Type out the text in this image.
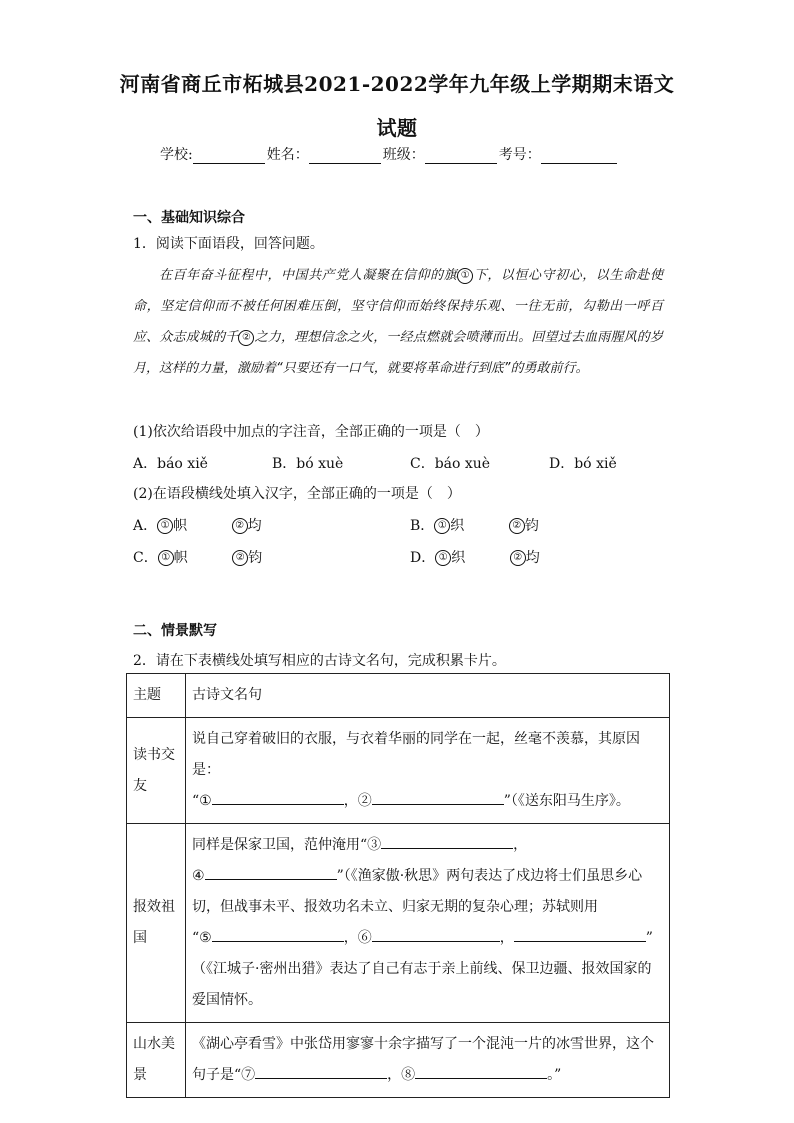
河南省商丘市柘城县2021-2022学年九年级上学期期末语文
试题
学校:	姓名：	班级：	考号：
一、基础知识综合
1．阅读下面语段，回答问题。
在百年奋斗征程中，中国共产党人凝聚在信仰的旗 ① 下，以恒心守初心，以生命赴使命，坚定信仰而不被任何困难压倒，坚守信仰而始终保持乐观、一往无前，勾勒出一呼百应、众志成城的千 ② 之力，理想信念之火，一经点燃就会喷薄而出。回望过去血雨腥风的岁月，这样的力量，激励着“只要还有一口气，就要将革命进行到底”的勇敢前行。
(1)依次给语段中加点的字注音，全部正确的一项是（　）
A．báo xiě	B．bó xuè	C．báo xuè	D．bó xiě
(2)在语段横线处填入汉字，全部正确的一项是（　）
A． ① 帜	② 均	B． ① 织	② 钧
C． ① 帜	② 钧	D． ① 织	② 均
二、情景默写
2．请在下表横线处填写相应的古诗文名句，完成积累卡片。
主题	古诗文名句
读书交友	说自己穿着破旧的衣服，与衣着华丽的同学在一起，丝毫不羡慕，其原因是：
“① ，② ”（《送东阳马生序》。
报效祖国	同样是保家卫国，范仲淹用“③ ，
④ ”（《渔家傲·秋思》两句表达了戍边将士们虽思乡心切，但战事未平、报效功名未立、归家无期的复杂心理；苏轼则用
“⑤ ，⑥ ， ”
（《江城子·密州出猎》表达了自己有志于亲上前线、保卫边疆、报效国家的爱国情怀。
山水美景	《湖心亭看雪》中张岱用寥寥十余字描写了一个混沌一片的冰雪世界，这个句子是“⑦ ，⑧ 。”
